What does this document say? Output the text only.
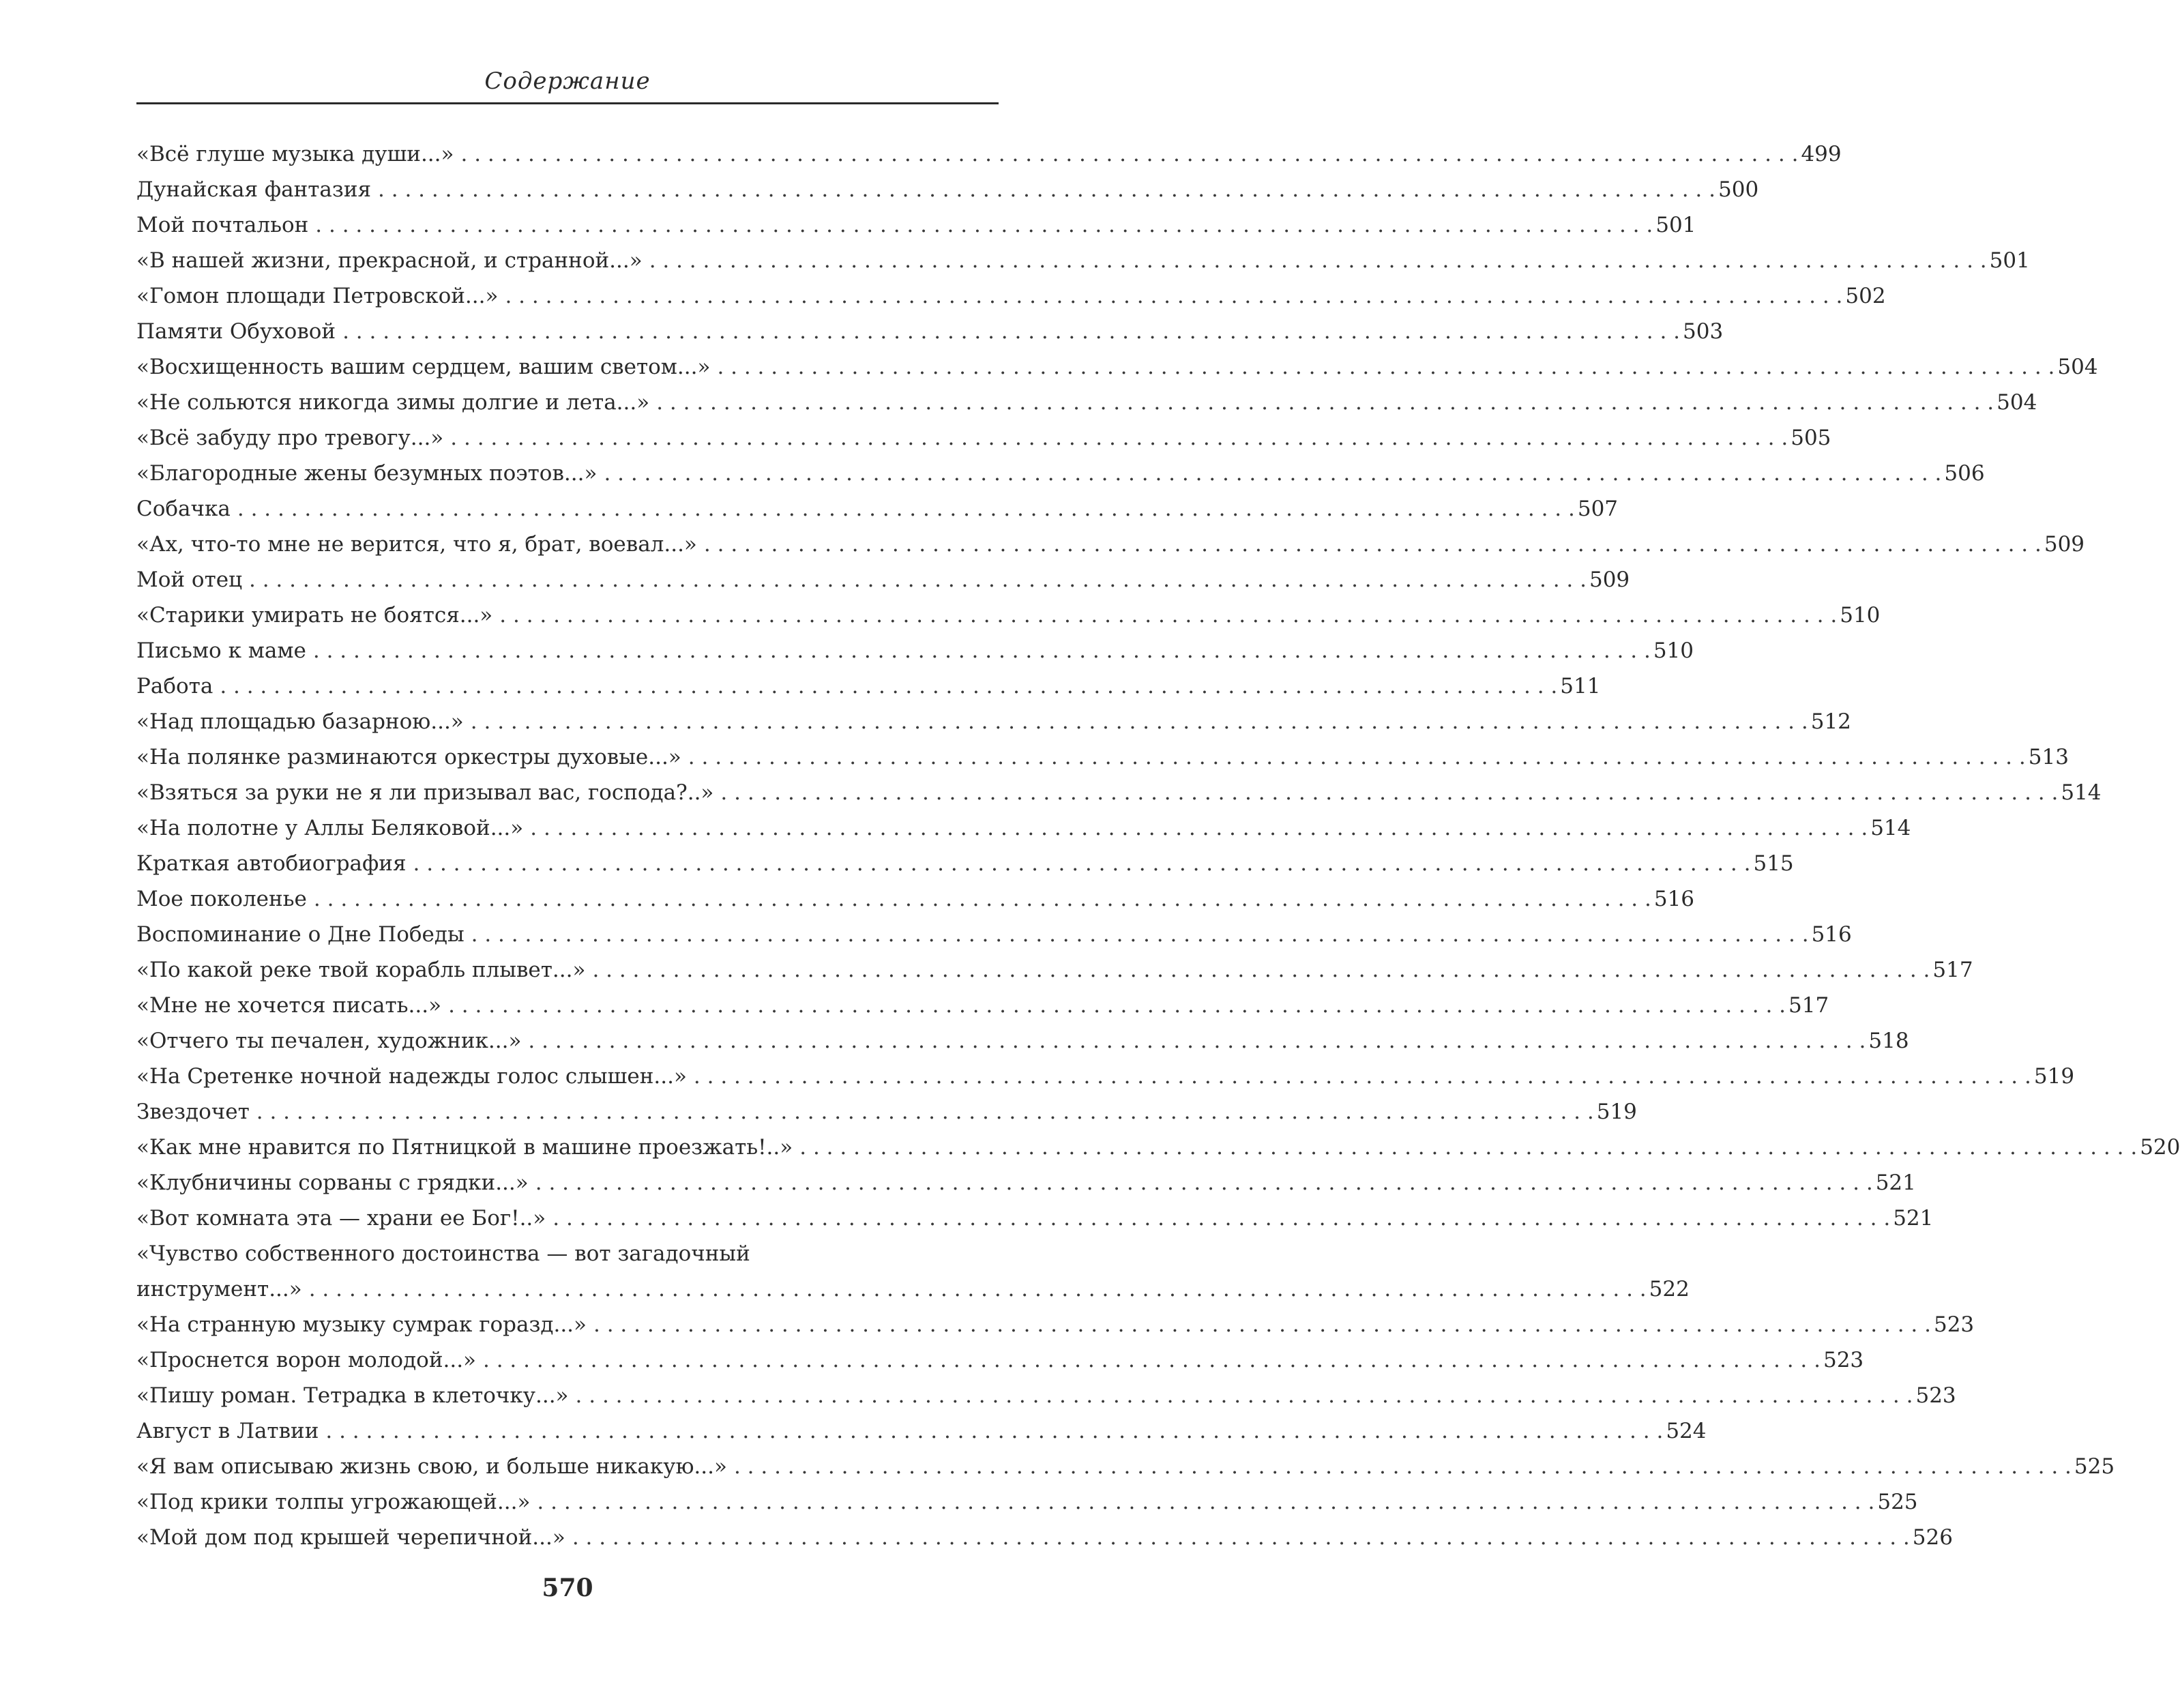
Содержание
«Всё глуше музыка души...» . . .	499
Дунайская фантазия . . .	500
Мой почтальон . . .	501
«В нашей жизни, прекрасной, и странной...» . . .	501
«Гомон площади Петровской...» . . .	502
Памяти Обуховой . . .	503
«Восхищенность вашим сердцем, вашим светом...» . . .	504
«Не сольются никогда зимы долгие и лета...» . . .	504
«Всё забуду про тревогу...» . . .	505
«Благородные жены безумных поэтов...» . . .	506
Собачка . . .	507
«Ах, что-то мне не верится, что я, брат, воевал...» . . .	509
Мой отец . . .	509
«Старики умирать не боятся...» . . .	510
Письмо к маме . . .	510
Работа . . .	511
«Над площадью базарною...» . . .	512
«На полянке разминаются оркестры духовые...» . . .	513
«Взяться за руки не я ли призывал вас, господа?..» . . .	514
«На полотне у Аллы Беляковой...» . . .	514
Краткая автобиография . . .	515
Мое поколенье . . .	516
Воспоминание о Дне Победы . . .	516
«По какой реке твой корабль плывет...» . . .	517
«Мне не хочется писать...» . . .	517
«Отчего ты печален, художник...» . . .	518
«На Сретенке ночной надежды голос слышен...» . . .	519
Звездочет . . .	519
«Как мне нравится по Пятницкой в машине проезжать!..» . . .	520
«Клубничины сорваны с грядки...» . . .	521
«Вот комната эта — храни ее Бог!..» . . .	521
«Чувство собственного достоинства — вот загадочный
инструмент...» . . .	522
«На странную музыку сумрак горазд...» . . .	523
«Проснется ворон молодой...» . . .	523
«Пишу роман. Тетрадка в клеточку...» . . .	523
Август в Латвии . . .	524
«Я вам описываю жизнь свою, и больше никакую...» . . .	525
«Под крики толпы угрожающей...» . . .	525
«Мой дом под крышей черепичной...» . . .	526
570
